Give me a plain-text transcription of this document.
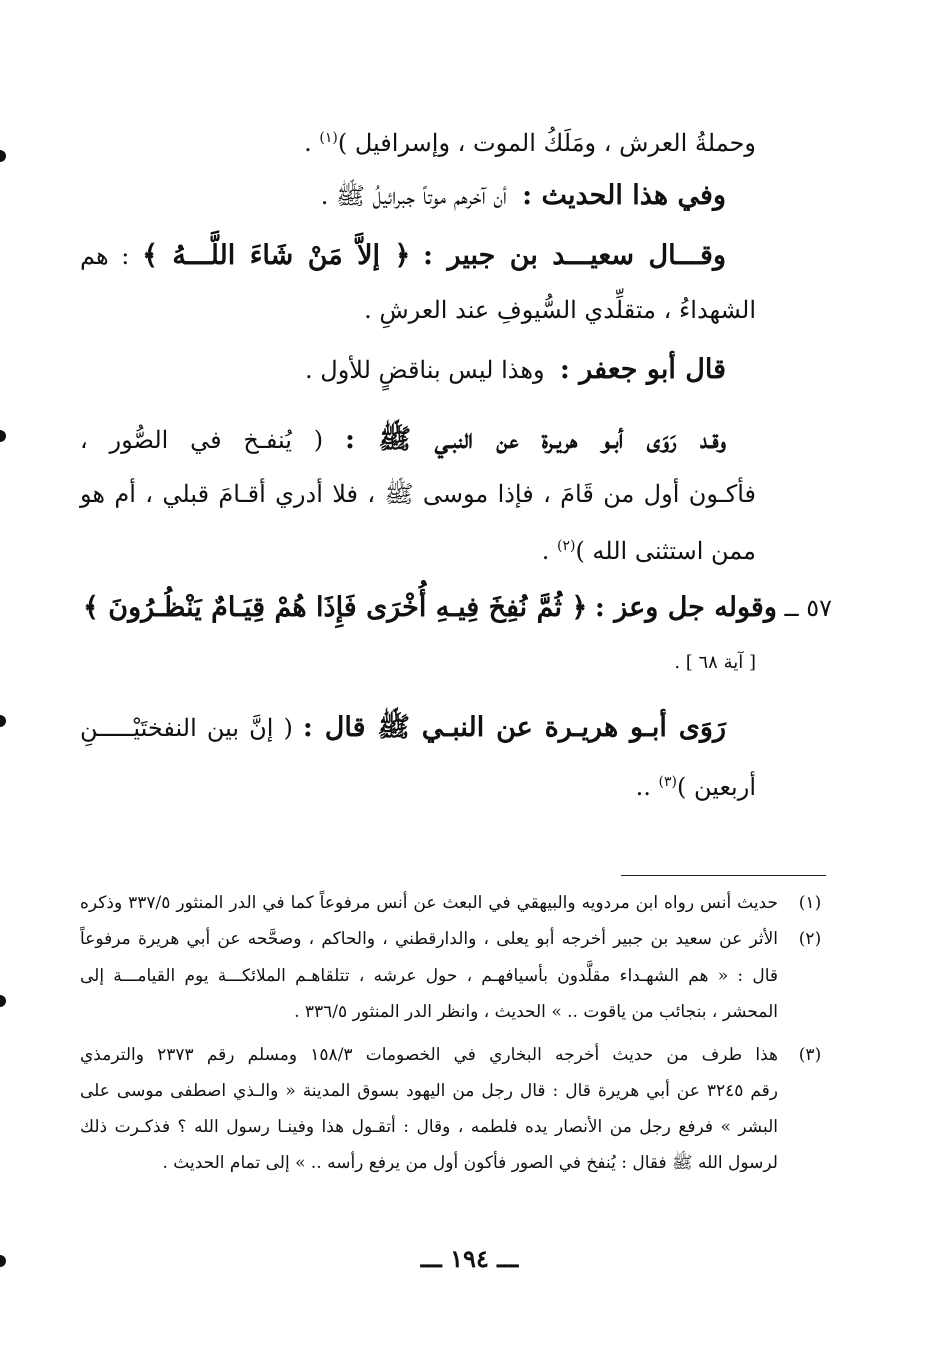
وحملةُ العرش ، ومَلَكُ الموت ، وإسرافيل )$^{(١)}$ .
وفي هذا الحديث :  أن آخرهم موتاً جبرائيلُ ﷺ .
وقـــال سعيـــد بن جبير : ﴿ إلاَّ مَنْ شَاءَ اللَّـــهُ ﴾ : هم
الشهداءُ ، متقلِّدي السُّيوفِ عند العرشِ .
قال أبو جعفر :  وهذا ليس بناقضٍ للأول .
وقـد رَوَى أبـو هريـرة عن النبـي ﷺ : ( يُنفـخ في الصُّور ،
فأكـون أول من قَامَ ، فإذا موسى ﷺ ، فلا أدري أقـامَ قبلي ، أم هو
ممن استثنى الله )$^{(٢)}$ .
٥٧ ــ وقوله جل وعز : ﴿ ثُمَّ نُفِخَ فِيـهِ أُخْرَى فَإِذَا هُمْ قِيَـامٌ يَنْظُـرُونَ ﴾
[ آية ٦٨ ] .
رَوَى أبـو هريـرة عن النبـي ﷺ قال : ( إنَّ بين النفختَيْـــــنِ
أربعين )$^{(٣)}$ ..
(١)
حديث أنس رواه ابن مردويه والبيهقي في البعث عن أنس مرفوعاً كما في الدر المنثور ٣٣٧/٥ وذكره
(٢)
الأثر عن سعيد بن جبير أخرجه أبو يعلى ، والدارقطني ، والحاكم ، وصحَّحه عن أبي هريرة مرفوعاً
قال : « هم الشهـداء مقلَّدون بأسيافهـم ، حول عرشه ، تتلقاهـم الملائكـــة يوم القيامـــة إلى
المحشر ، بنجائب من ياقوت .. » الحديث ، وانظر الدر المنثور ٣٣٦/٥ .
(٣)
هذا طرف من حديث أخرجه البخاري في الخصومات ١٥٨/٣ ومسلم رقم ٢٣٧٣ والترمذي
رقم ٣٢٤٥ عن أبي هريرة قال : قال رجل من اليهود بسوق المدينة « والـذي اصطفى موسى على
البشر » فرفع رجل من الأنصار يده فلطمه ، وقال : أتقـول هذا وفينـا رسول الله ؟ فذكـرت ذلك
لرسول الله ﷺ فقال : يُنفخ في الصور فأكون أول من يرفع رأسه .. » إلى تمام الحديث .
ـــ ١٩٤ ـــ
